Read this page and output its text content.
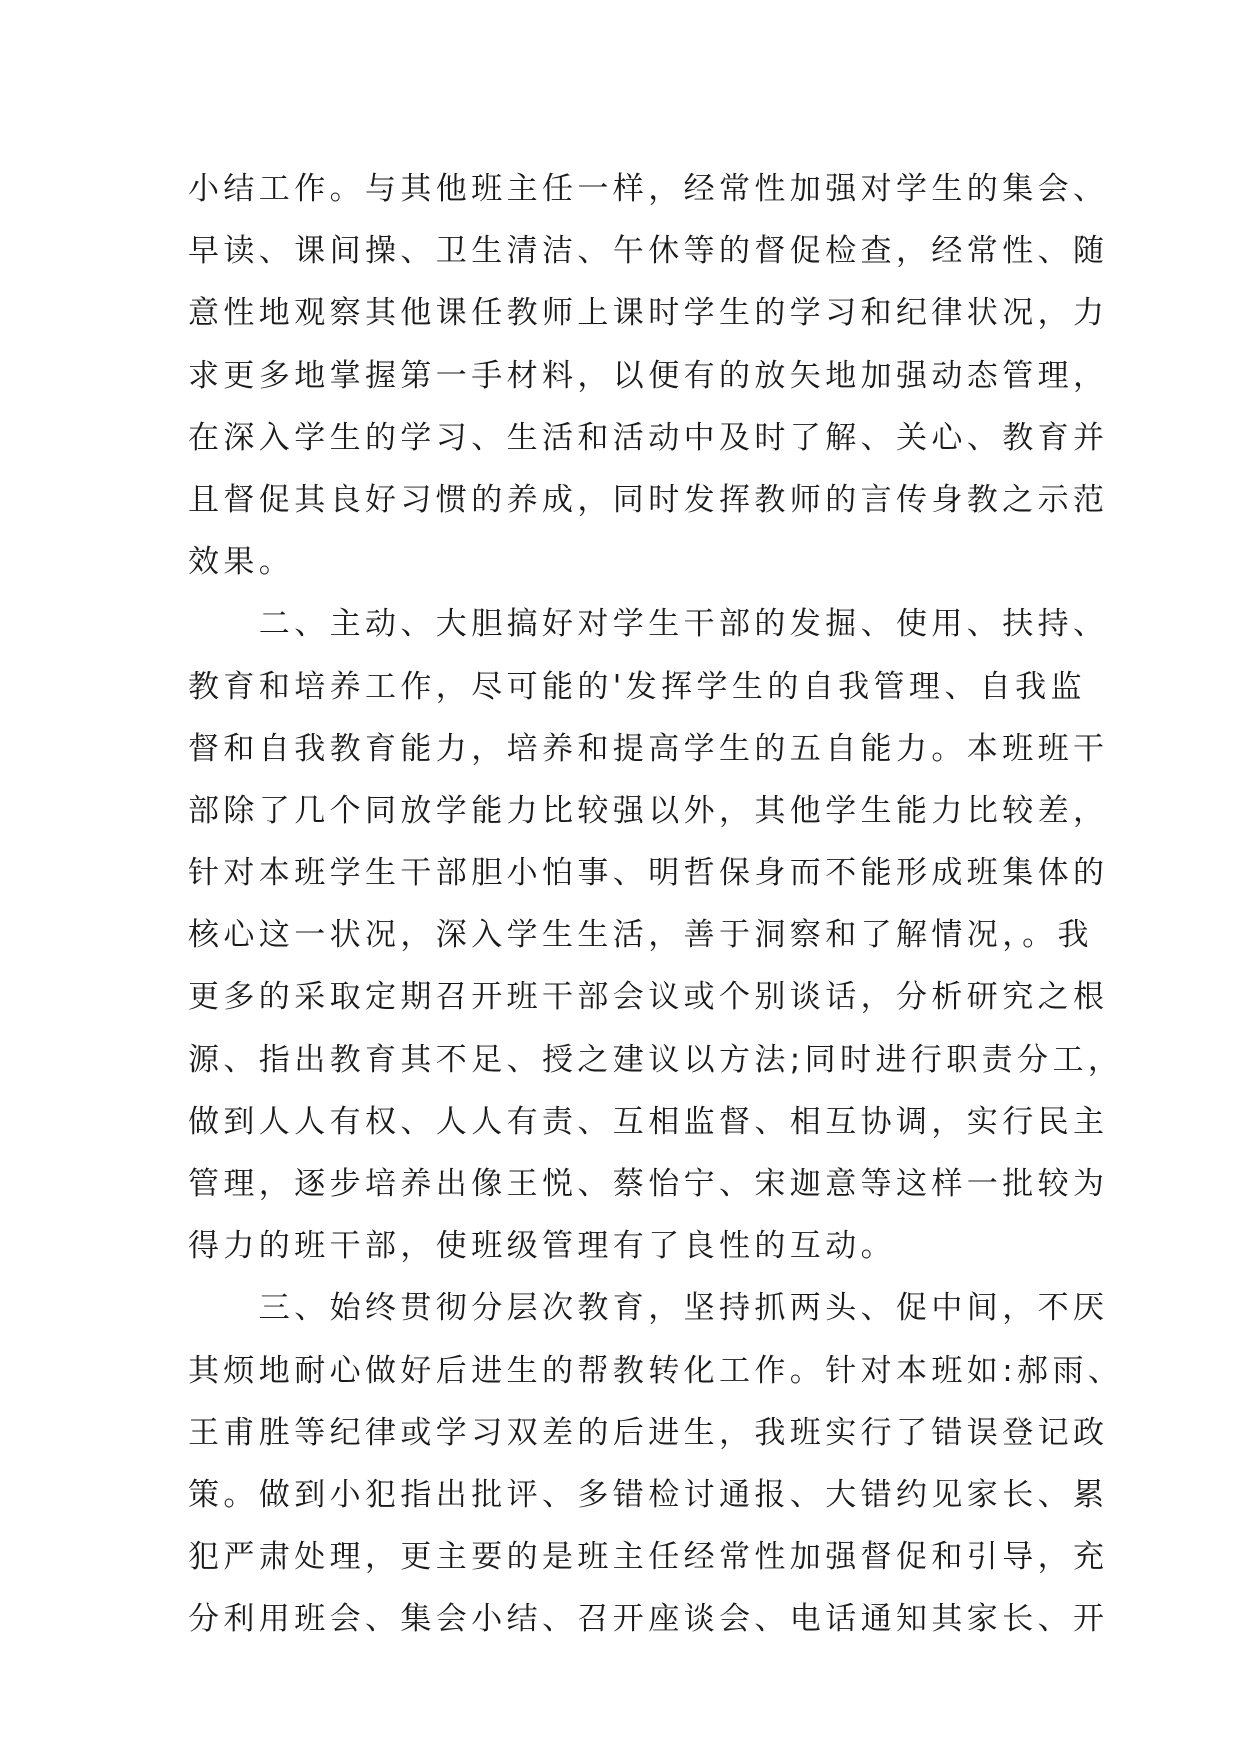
小结工作。与其他班主任一样，经常性加强对学生的集会、
早读、课间操、卫生清洁、午休等的督促检查，经常性、随
意性地观察其他课任教师上课时学生的学习和纪律状况，力
求更多地掌握第一手材料，以便有的放矢地加强动态管理，
在深入学生的学习、生活和活动中及时了解、关心、教育并
且督促其良好习惯的养成，同时发挥教师的言传身教之示范
效果。
　　二、主动、大胆搞好对学生干部的发掘、使用、扶持、
教育和培养工作，尽可能的'发挥学生的自我管理、自我监
督和自我教育能力，培养和提高学生的五自能力。本班班干
部除了几个同放学能力比较强以外，其他学生能力比较差，
针对本班学生干部胆小怕事、明哲保身而不能形成班集体的
核心这一状况，深入学生生活，善于洞察和了解情况，。我
更多的采取定期召开班干部会议或个别谈话，分析研究之根
源、指出教育其不足、授之建议以方法;同时进行职责分工，
做到人人有权、人人有责、互相监督、相互协调，实行民主
管理，逐步培养出像王悦、蔡怡宁、宋迦意等这样一批较为
得力的班干部，使班级管理有了良性的互动。
　　三、始终贯彻分层次教育，坚持抓两头、促中间，不厌
其烦地耐心做好后进生的帮教转化工作。针对本班如:郝雨、
王甫胜等纪律或学习双差的后进生，我班实行了错误登记政
策。做到小犯指出批评、多错检讨通报、大错约见家长、累
犯严肃处理，更主要的是班主任经常性加强督促和引导，充
分利用班会、集会小结、召开座谈会、电话通知其家长、开
